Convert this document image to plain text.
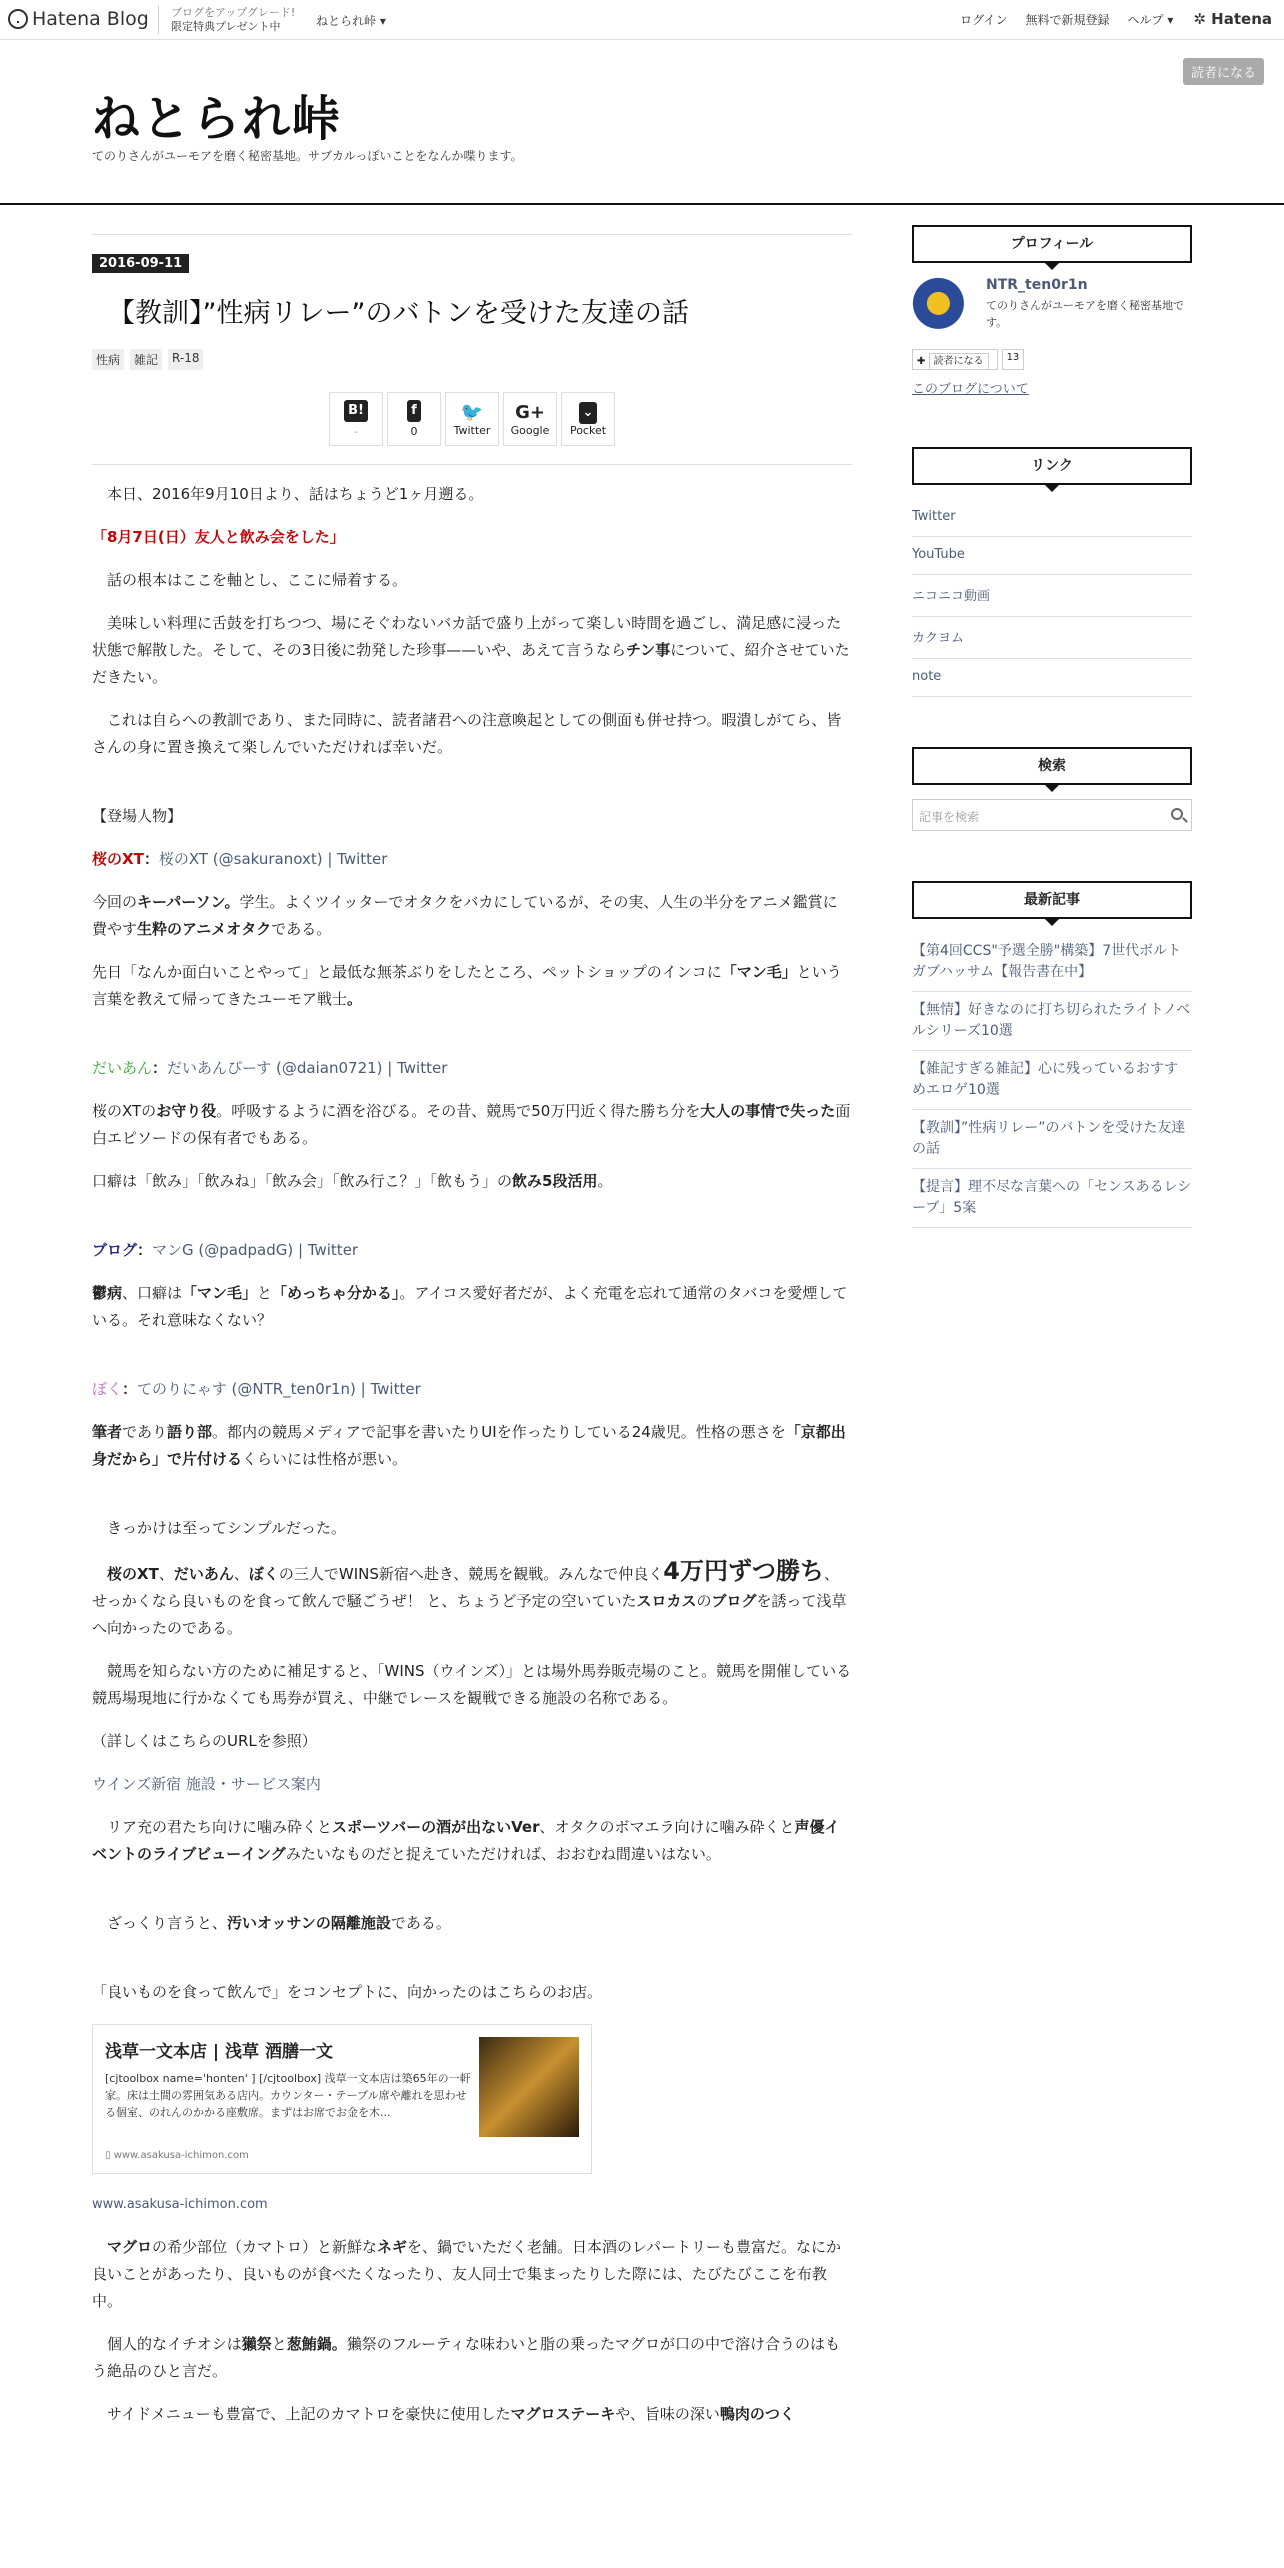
Hatena Blog	ブログをアップグレード!
限定特典プレゼント中	ねとられ峠 ▾	ログイン 無料で新規登録 ヘルプ ▾ ✲ Hatena
ねとられ峠
てのりさんがユーモアを磨く秘密基地。サブカルっぽいことをなんか喋ります。
読者になる
2016-09-11
【教訓】”性病リレー”のバトンを受けた友達の話
性病	雑記	R-18
B!
-
f
0
🐦
Twitter
G+
Google
⌄
Pocket

本日、2016年9月10日より、話はちょうど1ヶ月遡る。

「8月7日(日）友人と飲み会をした」

話の根本はここを軸とし、ここに帰着する。

美味しい料理に舌鼓を打ちつつ、場にそぐわないバカ話で盛り上がって楽しい時間を過ごし、満足感に浸った状態で解散した。そして、その3日後に勃発した珍事——いや、あえて言うならチン事について、紹介させていただきたい。

これは自らへの教訓であり、また同時に、読者諸君への注意喚起としての側面も併せ持つ。暇潰しがてら、皆さんの身に置き換えて楽しんでいただければ幸いだ。

【登場人物】

桜のXT：桜のXT (@sakuranoxt) | Twitter

今回のキーパーソン。学生。よくツイッターでオタクをバカにしているが、その実、人生の半分をアニメ鑑賞に費やす生粋のアニメオタクである。

先日「なんか面白いことやって」と最低な無茶ぶりをしたところ、ペットショップのインコに「マン毛」という言葉を教えて帰ってきたユーモア戦士。

だいあん：だいあんぴーす (@daian0721) | Twitter

桜のXTのお守り役。呼吸するように酒を浴びる。その昔、競馬で50万円近く得た勝ち分を大人の事情で失った面白エピソードの保有者でもある。

口癖は「飲み」「飲みね」「飲み会」「飲み行こ？」「飲もう」の飲み5段活用。

ブログ：マンG (@padpadG) | Twitter

鬱病、口癖は「マン毛」と「めっちゃ分かる」。アイコス愛好者だが、よく充電を忘れて通常のタバコを愛煙している。それ意味なくない？

ぼく：てのりにゃす (@NTR_ten0r1n) | Twitter

筆者であり語り部。都内の競馬メディアで記事を書いたりUIを作ったりしている24歳児。性格の悪さを「京都出身だから」で片付けるくらいには性格が悪い。

きっかけは至ってシンプルだった。

桜のXT、だいあん、ぼくの三人でWINS新宿へ赴き、競馬を観戦。みんなで仲良く4万円ずつ勝ち、せっかくなら良いものを食って飲んで騒ごうぜ！ と、ちょうど予定の空いていたスロカスのブログを誘って浅草へ向かったのである。

競馬を知らない方のために補足すると、「WINS（ウインズ）」とは場外馬券販売場のこと。競馬を開催している競馬場現地に行かなくても馬券が買え、中継でレースを観戦できる施設の名称である。

（詳しくはこちらのURLを参照）

ウインズ新宿 施設・サービス案内

リア充の君たち向けに噛み砕くとスポーツバーの酒が出ないVer、オタクのボマエラ向けに噛み砕くと声優イベントのライブビューイングみたいなものだと捉えていただければ、おおむね間違いはない。

ざっくり言うと、汚いオッサンの隔離施設である。

「良いものを食って飲んで」をコンセプトに、向かったのはこちらのお店。

浅草一文本店 | 浅草 酒膳一文
[cjtoolbox name='honten' ] [/cjtoolbox] 浅草一文本店は築65年の一軒家。床は土間の雰囲気ある店内。カウンター・テーブル席や離れを思わせる個室、のれんのかかる座敷席。まずはお席でお金を木...
▯ www.asakusa-ichimon.com

www.asakusa-ichimon.com

マグロの希少部位（カマトロ）と新鮮なネギを、鍋でいただく老舗。日本酒のレパートリーも豊富だ。なにか良いことがあったり、良いものが食べたくなったり、友人同士で集まったりした際には、たびたびここを布教中。

個人的なイチオシは獺祭と葱鮪鍋。獺祭のフルーティな味わいと脂の乗ったマグロが口の中で溶け合うのはもう絶品のひと言だ。

サイドメニューも豊富で、上記のカマトロを豪快に使用したマグロステーキや、旨味の深い鴨肉のつく

プロフィール
NTR_ten0r1n
てのりさんがユーモアを磨く秘密基地です。
✚ 読者になる	13
このブログについて
リンク
Twitter
YouTube
ニコニコ動画
カクヨム
note
検索
記事を検索
最新記事
【第4回CCS"予選全勝"構築】7世代ボルトガブハッサム【報告書在中】
【無情】好きなのに打ち切られたライトノベルシリーズ10選
【雑記すぎる雑記】心に残っているおすすめエロゲ10選
【教訓】”性病リレー”のバトンを受けた友達の話
【提言】理不尽な言葉への「センスあるレシーブ」5案
